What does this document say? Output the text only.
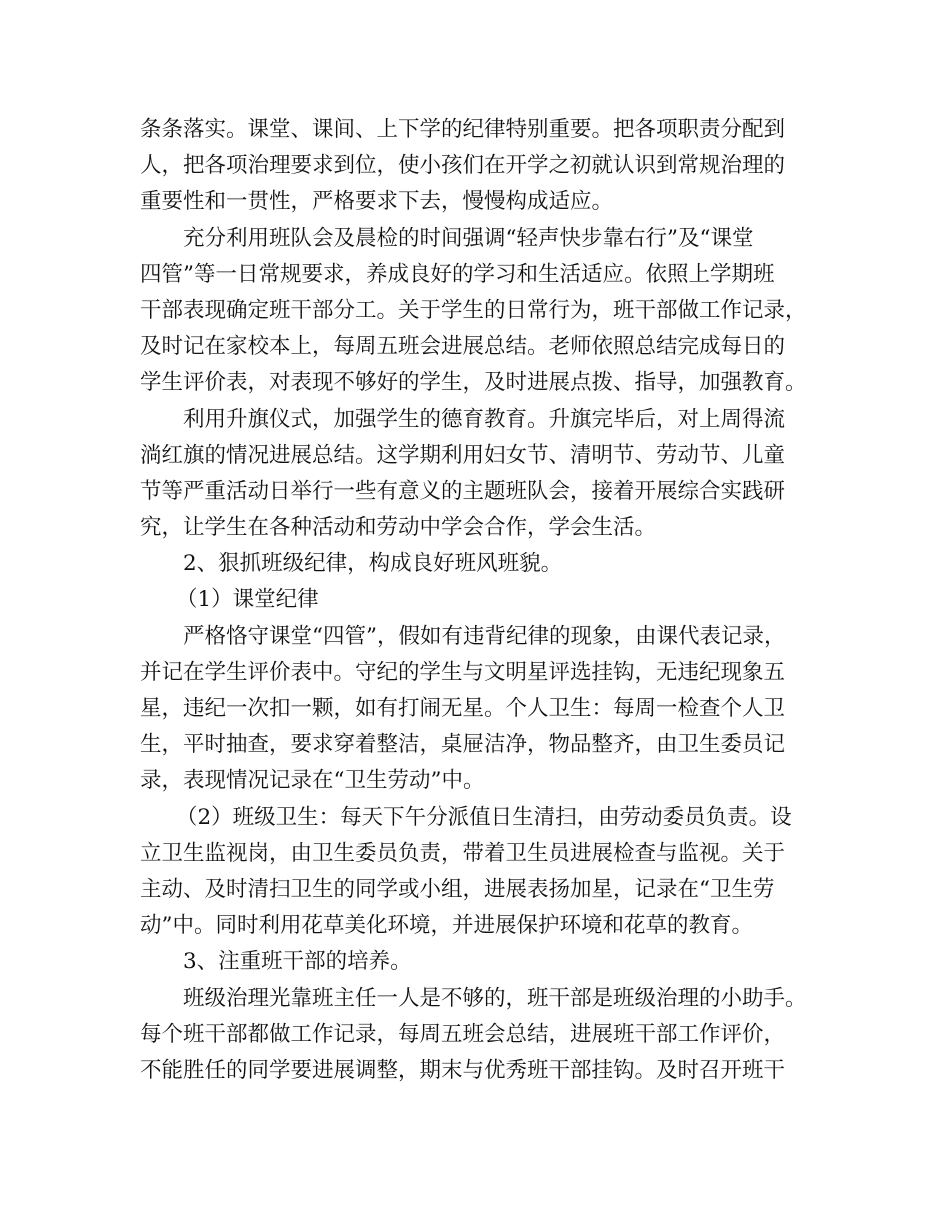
条条落实。课堂、课间、上下学的纪律特别重要。把各项职责分配到
人，把各项治理要求到位，使小孩们在开学之初就认识到常规治理的
重要性和一贯性，严格要求下去，慢慢构成适应。
充分利用班队会及晨检的时间强调“轻声快步靠右行”及“课堂
四管”等一日常规要求，养成良好的学习和生活适应。依照上学期班
干部表现确定班干部分工。关于学生的日常行为，班干部做工作记录，
及时记在家校本上，每周五班会进展总结。老师依照总结完成每日的
学生评价表，对表现不够好的学生，及时进展点拨、指导，加强教育。
利用升旗仪式，加强学生的德育教育。升旗完毕后，对上周得流
淌红旗的情况进展总结。这学期利用妇女节、清明节、劳动节、儿童
节等严重活动日举行一些有意义的主题班队会，接着开展综合实践研
究，让学生在各种活动和劳动中学会合作，学会生活。
2、狠抓班级纪律，构成良好班风班貌。
（1）课堂纪律
严格恪守课堂“四管”，假如有违背纪律的现象，由课代表记录，
并记在学生评价表中。守纪的学生与文明星评选挂钩，无违纪现象五
星，违纪一次扣一颗，如有打闹无星。个人卫生：每周一检查个人卫
生，平时抽查，要求穿着整洁，桌屉洁净，物品整齐，由卫生委员记
录，表现情况记录在“卫生劳动”中。
（2）班级卫生：每天下午分派值日生清扫，由劳动委员负责。设
立卫生监视岗，由卫生委员负责，带着卫生员进展检查与监视。关于
主动、及时清扫卫生的同学或小组，进展表扬加星，记录在“卫生劳
动”中。同时利用花草美化环境，并进展保护环境和花草的教育。
3、注重班干部的培养。
班级治理光靠班主任一人是不够的，班干部是班级治理的小助手。
每个班干部都做工作记录，每周五班会总结，进展班干部工作评价，
不能胜任的同学要进展调整，期末与优秀班干部挂钩。及时召开班干
